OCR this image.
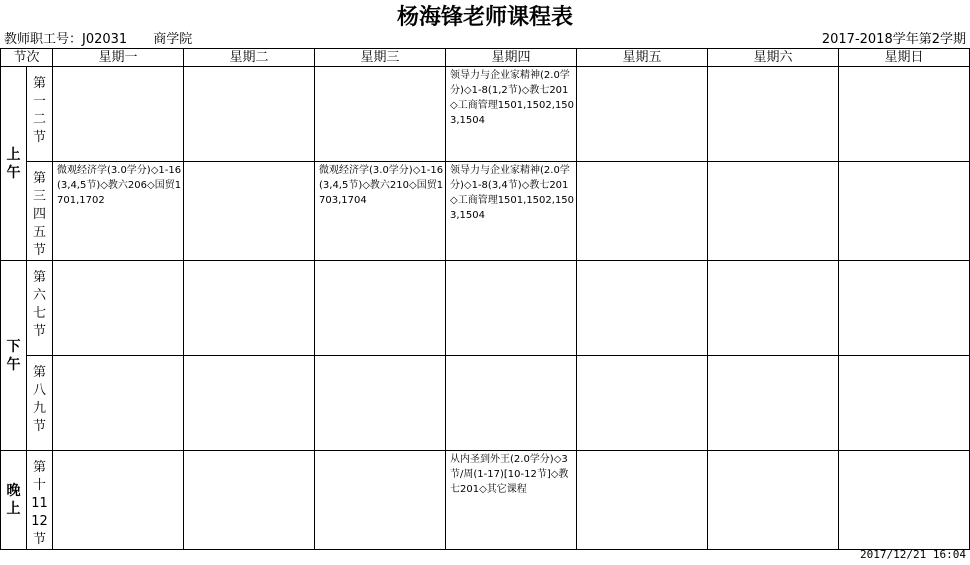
杨海锋老师课程表
教师职工号：J02031 商学院	2017-2018学年第2学期
节次		星期一	星期二	星期三	星期四	星期五	星期六	星期日
上午	第一二节				领导力与企业家精神(2.0学分)◇1-8(1,2节)◇教七201◇工商管理1501,1502,1503,1504			

	第三四五节	微观经济学(3.0学分)◇1-16(3,4,5节)◇教六206◇国贸1701,1702		微观经济学(3.0学分)◇1-16(3,4,5节)◇教六210◇国贸1703,1704	领导力与企业家精神(2.0学分)◇1-8(3,4节)◇教七201◇工商管理1501,1502,1503,1504			

下午	第六七节							
	第八九节							
晚上	第十11 12节				从内圣到外王(2.0学分)◇3节/周(1-17)[10-12节]◇教七201◇其它课程			

2017/12/21 16:04
